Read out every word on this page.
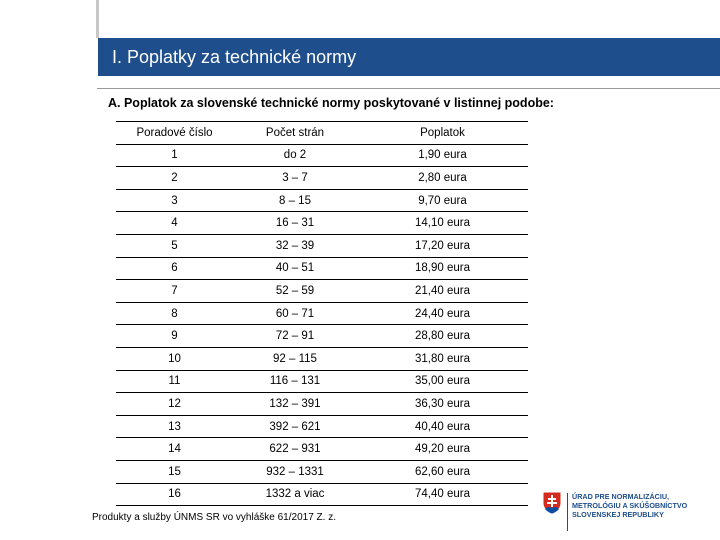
I. Poplatky za technické normy
A. Poplatok za slovenské technické normy poskytované v listinnej podobe:
Poradové číslo	Počet strán	Poplatok
1	do 2	1,90 eura
2	3 – 7	2,80 eura
3	8 – 15	9,70 eura
4	16 – 31	14,10 eura
5	32 – 39	17,20 eura
6	40 – 51	18,90 eura
7	52 – 59	21,40 eura
8	60 – 71	24,40 eura
9	72 – 91	28,80 eura
10	92 – 115	31,80 eura
11	116 – 131	35,00 eura
12	132 – 391	36,30 eura
13	392 – 621	40,40 eura
14	622 – 931	49,20 eura
15	932 – 1331	62,60 eura
16	1332 a viac	74,40 eura
Produkty a služby ÚNMS SR vo vyhláške 61/2017 Z. z.
ÚRAD PRE NORMALIZÁCIU,
METROLÓGIU A SKÚŠOBNÍCTVO
SLOVENSKEJ REPUBLIKY
